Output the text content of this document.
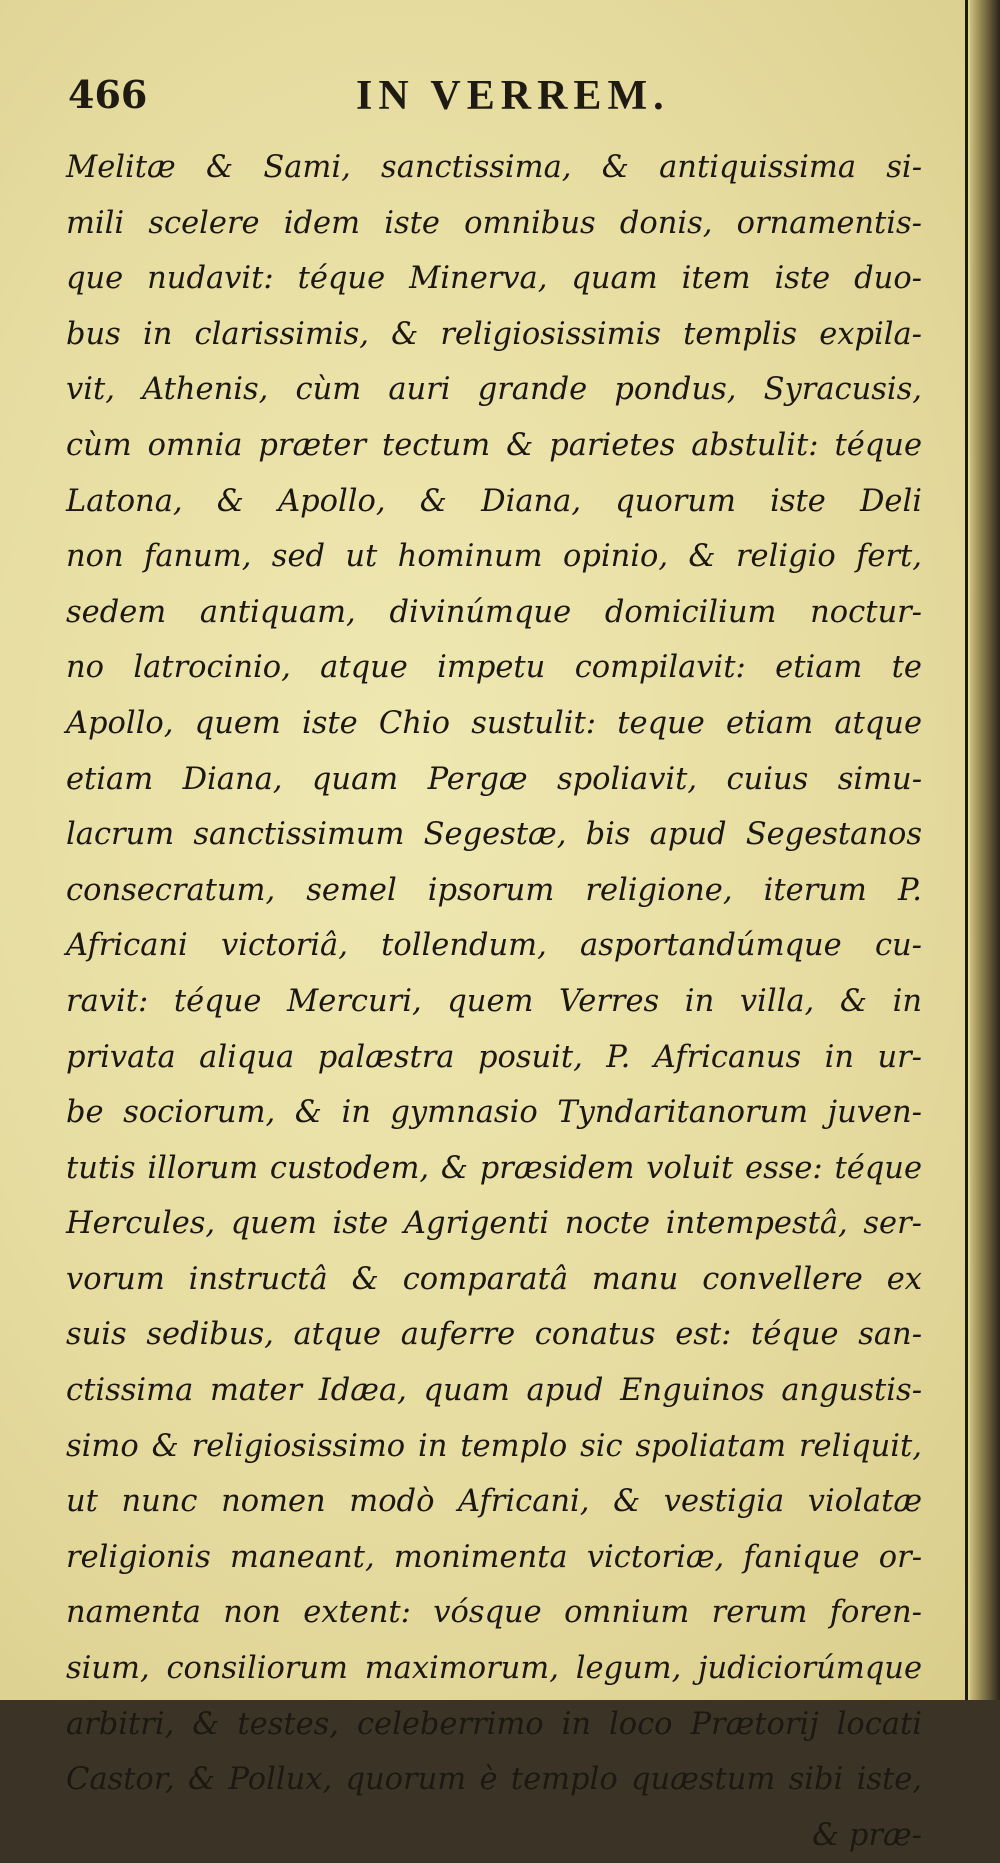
466	IN VERREM.
Melitæ & Sami, sanctissima, & antiquissima si-
mili scelere idem iste omnibus donis, ornamentis-
que nudavit: téque Minerva, quam item iste duo-
bus in clarissimis, & religiosissimis templis expila-
vit, Athenis, cùm auri grande pondus, Syracusis,
cùm omnia præter tectum & parietes abstulit: téque
Latona, & Apollo, & Diana, quorum iste Deli
non fanum, sed ut hominum opinio, & religio fert,
sedem antiquam, divinúmque domicilium noctur-
no latrocinio, atque impetu compilavit: etiam te
Apollo, quem iste Chio sustulit: teque etiam atque
etiam Diana, quam Pergæ spoliavit, cuius simu-
lacrum sanctissimum Segestæ, bis apud Segestanos
consecratum, semel ipsorum religione, iterum P.
Africani victoriâ, tollendum, asportandúmque cu-
ravit: téque Mercuri, quem Verres in villa, & in
privata aliqua palæstra posuit, P. Africanus in ur-
be sociorum, & in gymnasio Tyndaritanorum juven-
tutis illorum custodem, & præsidem voluit esse: téque
Hercules, quem iste Agrigenti nocte intempestâ, ser-
vorum instructâ & comparatâ manu convellere ex
suis sedibus, atque auferre conatus est: téque san-
ctissima mater Idæa, quam apud Enguinos angustis-
simo & religiosissimo in templo sic spoliatam reliquit,
ut nunc nomen modò Africani, & vestigia violatæ
religionis maneant, monimenta victoriæ, fanique or-
namenta non extent: vósque omnium rerum foren-
sium, consiliorum maximorum, legum, judiciorúmque
arbitri, & testes, celeberrimo in loco Prætorij locati
Castor, & Pollux, quorum è templo quæstum sibi iste,
& præ-
